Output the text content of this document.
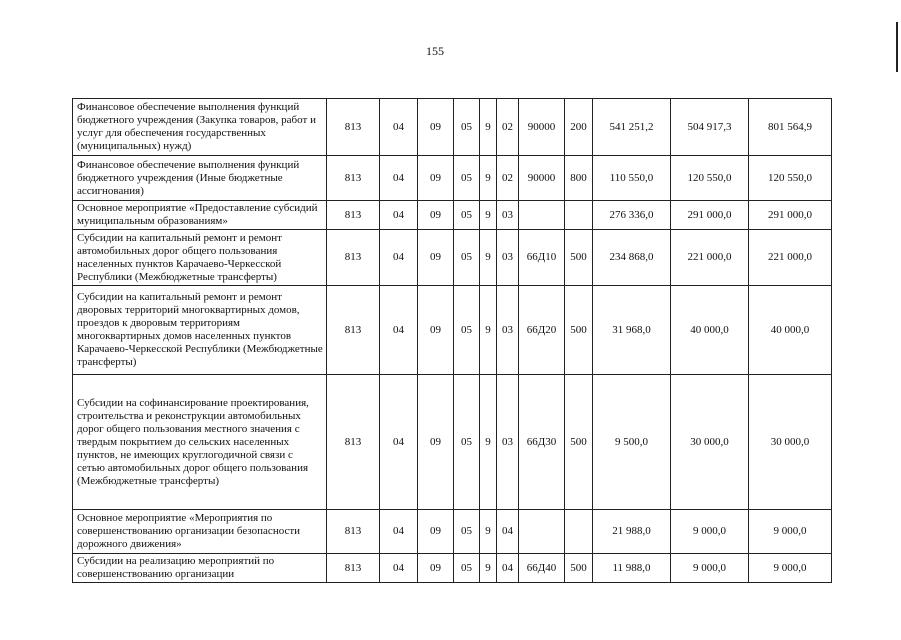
155
Финансовое обеспечение выполнения функций бюджетного учреждения (Закупка товаров, работ и услуг для обеспечения государственных (муниципальных) нужд)	813	04	09	05	9	02	90000	200	541 251,2	504 917,3	801 564,9
Финансовое обеспечение выполнения функций бюджетного учреждения (Иные бюджетные ассигнования)	813	04	09	05	9	02	90000	800	110 550,0	120 550,0	120 550,0
Основное мероприятие «Предоставление субсидий муниципальным образованиям»	813	04	09	05	9	03			276 336,0	291 000,0	291 000,0
Субсидии на капитальный ремонт и ремонт автомобильных дорог общего пользования населенных пунктов Карачаево-Черкесской Республики (Межбюджетные трансферты)	813	04	09	05	9	03	66Д10	500	234 868,0	221 000,0	221 000,0
Субсидии на капитальный ремонт и ремонт дворовых территорий многоквартирных домов, проездов к дворовым территориям многоквартирных домов населенных пунктов Карачаево-Черкесской Республики (Межбюджетные трансферты)	813	04	09	05	9	03	66Д20	500	31 968,0	40 000,0	40 000,0
Субсидии на софинансирование проектирования, строительства и реконструкции автомобильных дорог общего пользования местного значения с твердым покрытием до сельских населенных пунктов, не имеющих круглогодичной связи с сетью автомобильных дорог общего пользования (Межбюджетные трансферты)	813	04	09	05	9	03	66Д30	500	9 500,0	30 000,0	30 000,0
Основное мероприятие «Мероприятия по совершенствованию организации безопасности дорожного движения»	813	04	09	05	9	04			21 988,0	9 000,0	9 000,0
Субсидии на реализацию мероприятий по совершенствованию организации	813	04	09	05	9	04	66Д40	500	11 988,0	9 000,0	9 000,0
